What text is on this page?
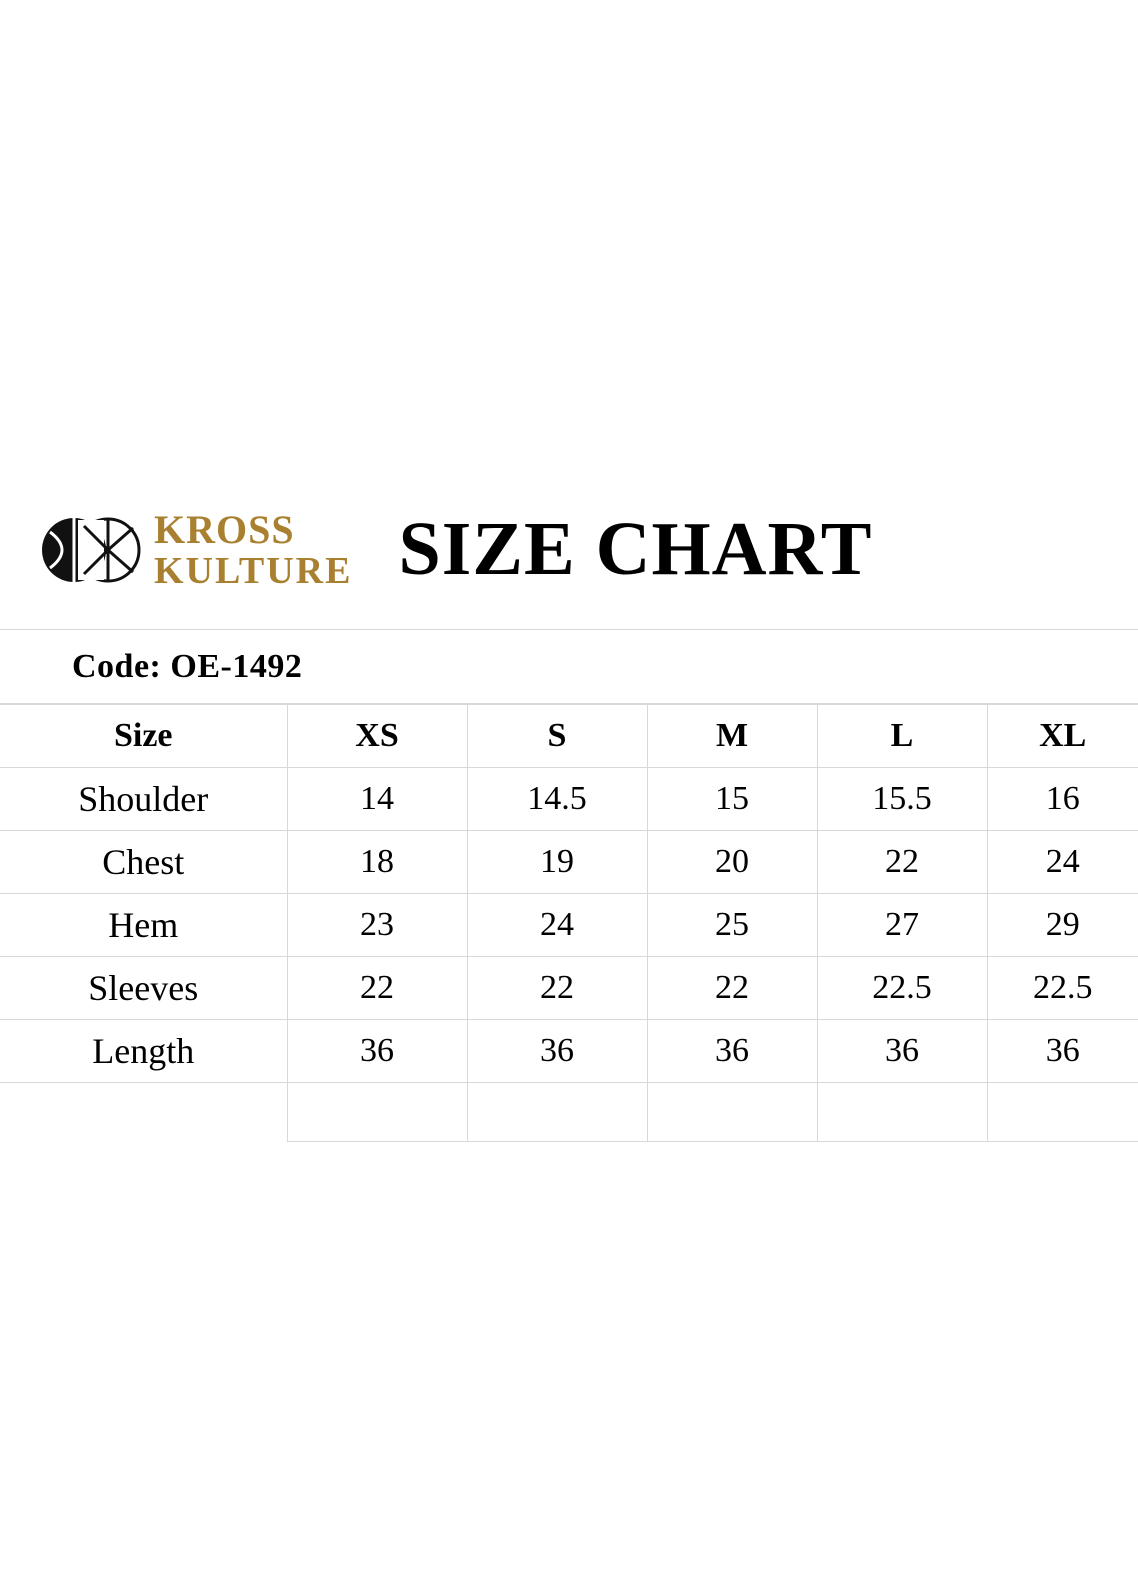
KROSS
KULTURE SIZE CHART
Code: OE-1492
Size	XS	S	M	L	XL
Shoulder	14	14.5	15	15.5	16
Chest	18	19	20	22	24
Hem	23	24	25	27	29
Sleeves	22	22	22	22.5	22.5
Length	36	36	36	36	36
